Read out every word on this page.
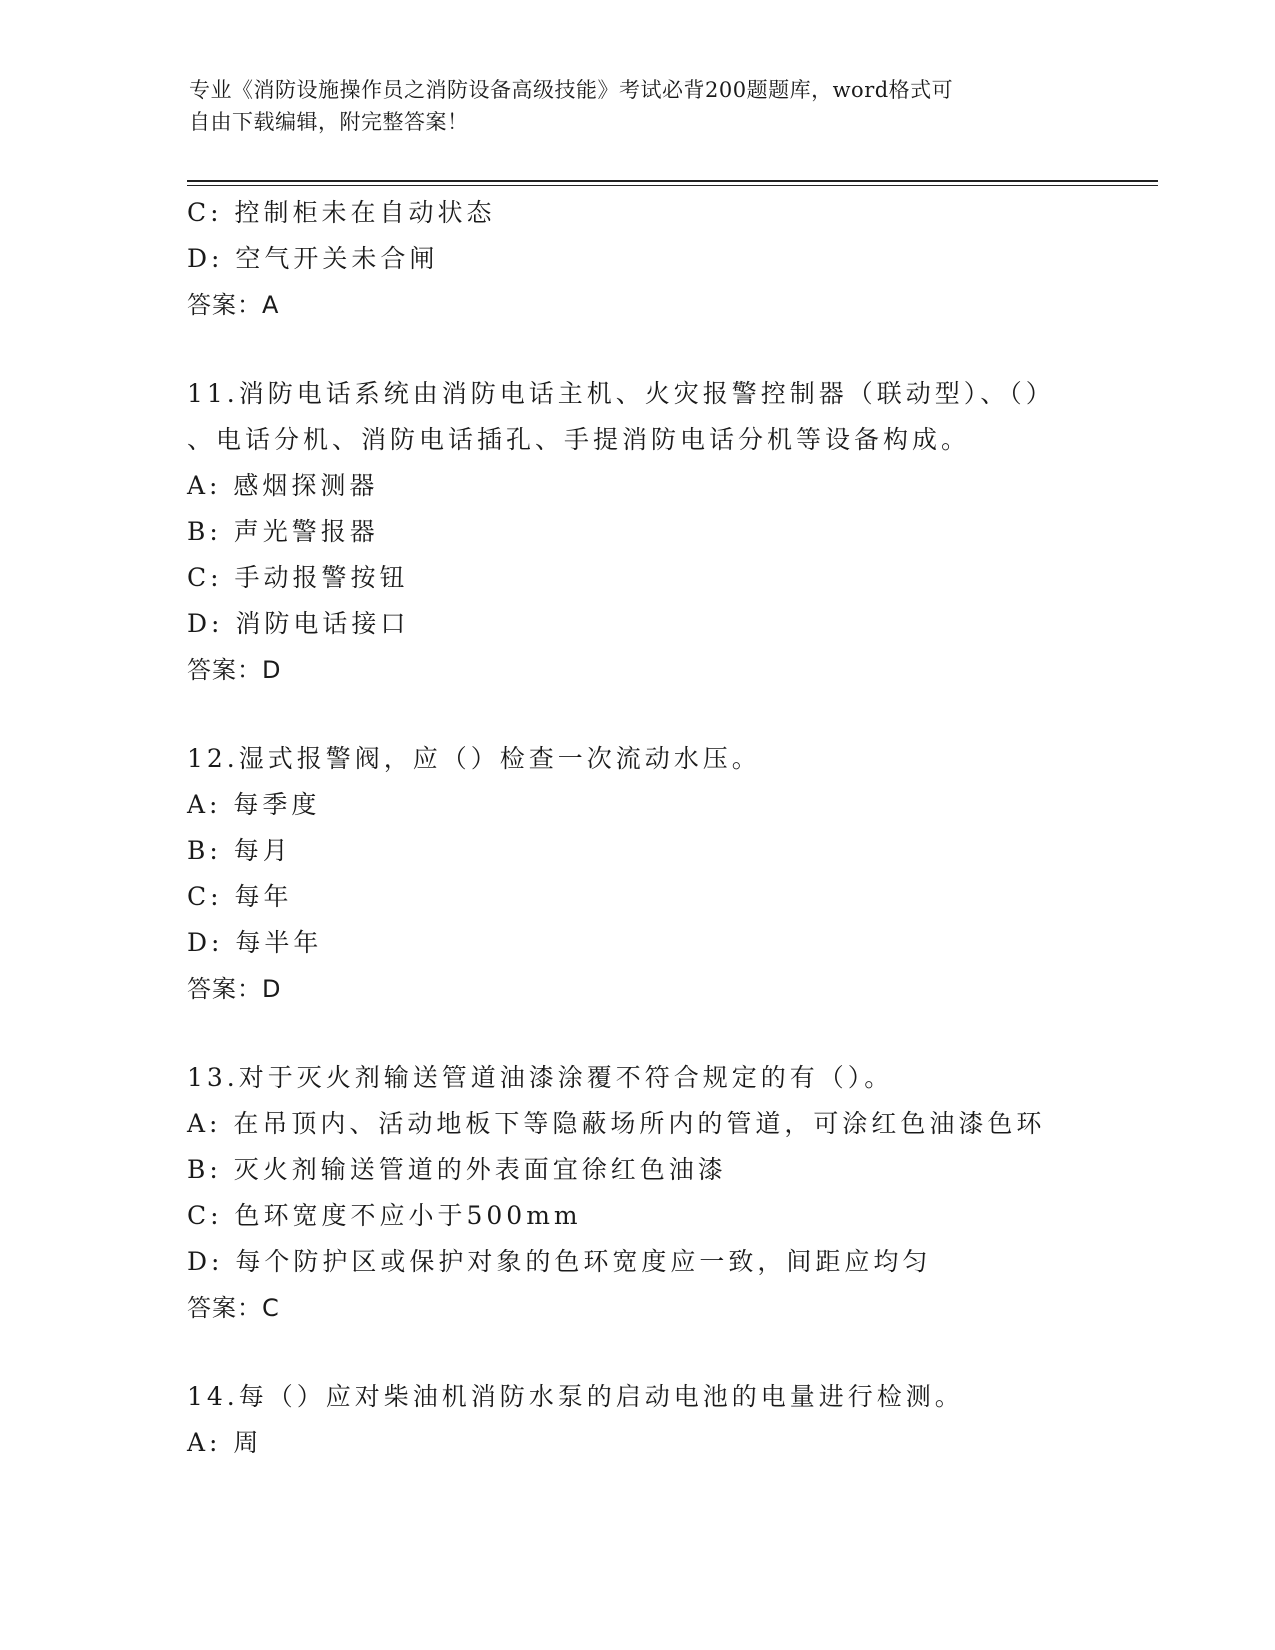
专业《消防设施操作员之消防设备高级技能》考试必背200题题库，word格式可
自由下载编辑，附完整答案！
C: 控制柜未在自动状态
D: 空气开关未合闸
答案：A
11.消防电话系统由消防电话主机、火灾报警控制器（联动型）、（）
、电话分机、消防电话插孔、手提消防电话分机等设备构成。
A: 感烟探测器
B: 声光警报器
C: 手动报警按钮
D: 消防电话接口
答案：D
12.湿式报警阀，应（）检查一次流动水压。
A: 每季度
B: 每月
C: 每年
D: 每半年
答案：D
13.对于灭火剂输送管道油漆涂覆不符合规定的有（）。
A: 在吊顶内、活动地板下等隐蔽场所内的管道，可涂红色油漆色环
B: 灭火剂输送管道的外表面宜徐红色油漆
C: 色环宽度不应小于500mm
D: 每个防护区或保护对象的色环宽度应一致，间距应均匀
答案：C
14.每（）应对柴油机消防水泵的启动电池的电量进行检测。
A: 周
